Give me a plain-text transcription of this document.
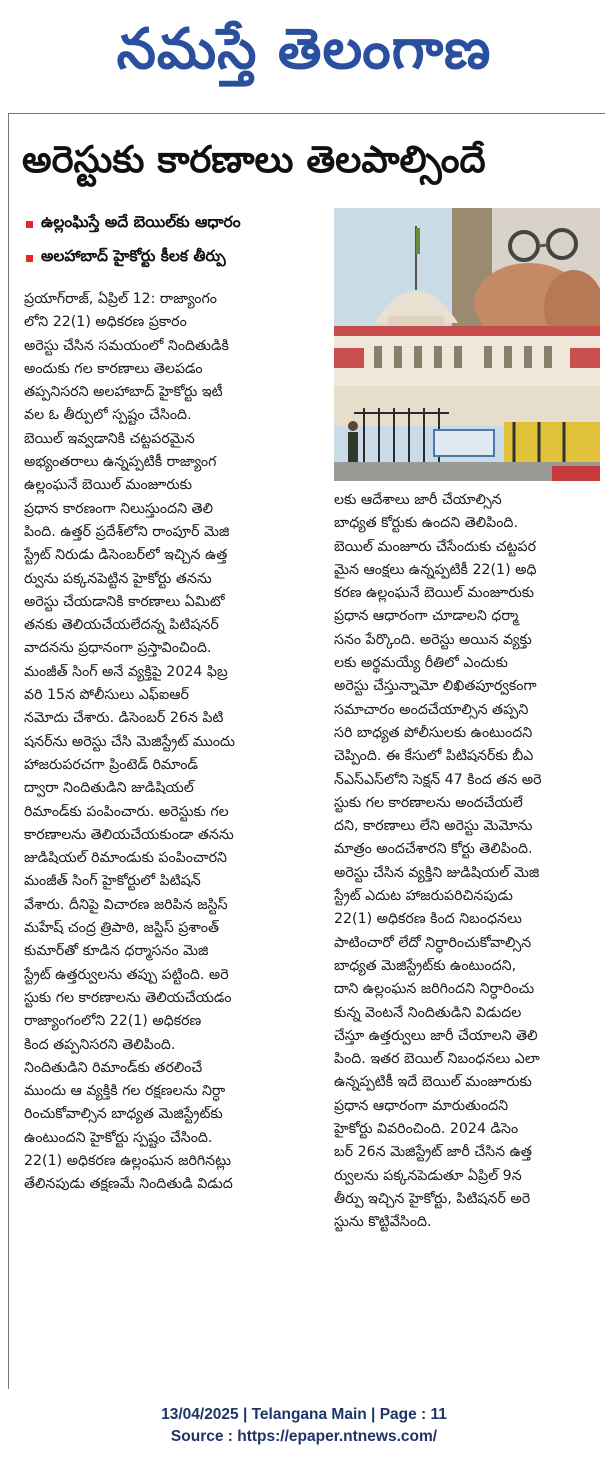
నమస్తే తెలంగాణ
అరెస్టుకు కారణాలు తెలపాల్సిందే
ఉల్లంఘిస్తే అదే బెయిల్‌కు ఆధారం
అలహాబాద్ హైకోర్టు కీలక తీర్పు
ప్రయాగ్‌రాజ్, ఏప్రిల్ 12: రాజ్యాంగం
లోని 22(1) అధికరణ ప్రకారం
అరెస్టు చేసిన సమయంలో నిందితుడికి
అందుకు గల కారణాలు తెలపడం
తప్పనిసరని అలహాబాద్ హైకోర్టు ఇటీ
వల ఓ తీర్పులో స్పష్టం చేసింది.
బెయిల్ ఇవ్వడానికి చట్టపరమైన
అభ్యంతరాలు ఉన్నప్పటికీ రాజ్యాంగ
ఉల్లంఘనే బెయిల్ మంజూరుకు
ప్రధాన కారణంగా నిలుస్తుందని తెలి
పింది. ఉత్తర్ ప్రదేశ్‌లోని రాంపూర్ మెజి
స్ట్రేట్ నిరుడు డిసెంబర్‌లో ఇచ్చిన ఉత్త
ర్వును పక్కనపెట్టిన హైకోర్టు తనను
అరెస్టు చేయడానికి కారణాలు ఏమిటో
తనకు తెలియచేయలేదన్న పిటిషనర్
వాదనను ప్రధానంగా ప్రస్తావించింది.
మంజీత్ సింగ్ అనే వ్యక్తిపై 2024 ఫిబ్ర
వరి 15న పోలీసులు ఎఫ్ఐఆర్
నమోదు చేశారు. డిసెంబర్ 26న పిటి
షనర్‌ను అరెస్టు చేసి మెజిస్ట్రేట్ ముందు
హాజరుపరచగా ప్రింటెడ్ రిమాండ్
ద్వారా నిందితుడిని జుడిషియల్
రిమాండ్‌కు పంపించారు. అరెస్టుకు గల
కారణాలను తెలియచేయకుండా తనను
జుడిషియల్ రిమాండుకు పంపించారని
మంజీత్ సింగ్ హైకోర్టులో పిటిషన్
వేశారు. దీనిపై విచారణ జరిపిన జస్టిస్
మహేష్ చంద్ర త్రిపాఠి, జస్టిస్ ప్రశాంత్
కుమార్‌తో కూడిన ధర్మాసనం మెజి
స్ట్రేట్ ఉత్తర్వులను తప్పు పట్టింది. అరె
స్టుకు గల కారణాలను తెలియచేయడం
రాజ్యాంగంలోని 22(1) అధికరణ
కింద తప్పనిసరని తెలిపింది.
నిందితుడిని రిమాండ్‌కు తరలించే
ముందు ఆ వ్యక్తికి గల రక్షణలను నిర్ధా
రించుకోవాల్సిన బాధ్యత మెజిస్ట్రేట్‌కు
ఉంటుందని హైకోర్టు స్పష్టం చేసింది.
22(1) అధికరణ ఉల్లంఘన జరిగినట్లు
తేలినపుడు తక్షణమే నిందితుడి విడుద
లకు ఆదేశాలు జారీ చేయాల్సిన
బాధ్యత కోర్టుకు ఉందని తెలిపింది.
బెయిల్ మంజూరు చేసేందుకు చట్టపర
మైన ఆంక్షలు ఉన్నప్పటికీ 22(1) అధి
కరణ ఉల్లంఘనే బెయిల్ మంజూరుకు
ప్రధాన ఆధారంగా చూడాలని ధర్మా
సనం పేర్కొంది. అరెస్టు అయిన వ్యక్తు
లకు అర్థమయ్యే రీతిలో ఎందుకు
అరెస్టు చేస్తున్నామో లిఖితపూర్వకంగా
సమాచారం అందచేయాల్సిన తప్పని
సరి బాధ్యత పోలీసులకు ఉంటుందని
చెప్పింది. ఈ కేసులో పిటిషనర్‌కు బీఎ
న్ఎస్ఎస్‌లోని సెక్షన్ 47 కింద తన అరె
స్టుకు గల కారణాలను అందచేయలే
దని, కారణాలు లేని అరెస్టు మెమోను
మాత్రం అందచేశారని కోర్టు తెలిపింది.
అరెస్టు చేసిన వ్యక్తిని జుడిషియల్ మెజి
స్ట్రేట్ ఎదుట హాజరుపరిచినపుడు
22(1) అధికరణ కింద నిబంధనలు
పాటించారో లేదో నిర్ధారించుకోవాల్సిన
బాధ్యత మెజిస్ట్రేట్‌కు ఉంటుందని,
దాని ఉల్లంఘన జరిగిందని నిర్ధారించు
కున్న వెంటనే నిందితుడిని విడుదల
చేస్తూ ఉత్తర్వులు జారీ చేయాలని తెలి
పింది. ఇతర బెయిల్ నిబంధనలు ఎలా
ఉన్నప్పటికీ ఇదే బెయిల్ మంజూరుకు
ప్రధాన ఆధారంగా మారుతుందని
హైకోర్టు వివరించింది. 2024 డిసెం
బర్ 26న మెజిస్ట్రేట్ జారీ చేసిన ఉత్త
ర్వులను పక్కనపెడుతూ ఏప్రిల్ 9న
తీర్పు ఇచ్చిన హైకోర్టు, పిటిషనర్ అరె
స్టును కొట్టివేసింది.
13/04/2025 | Telangana Main | Page : 11
Source : https://epaper.ntnews.com/
